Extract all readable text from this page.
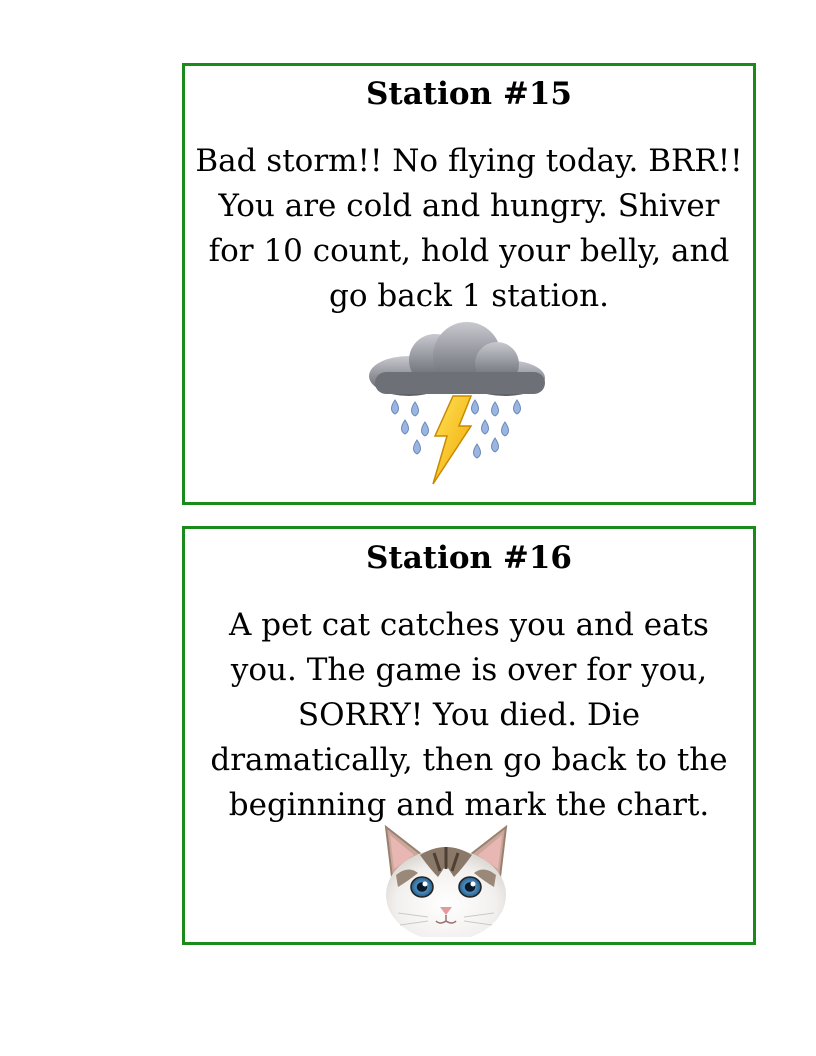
Station #15
Bad storm!! No flying today. BRR!! You are cold and hungry. Shiver for 10 count, hold your belly, and go back 1 station.
Station #16
A pet cat catches you and eats you. The game is over for you, SORRY! You died. Die dramatically, then go back to the beginning and mark the chart.
